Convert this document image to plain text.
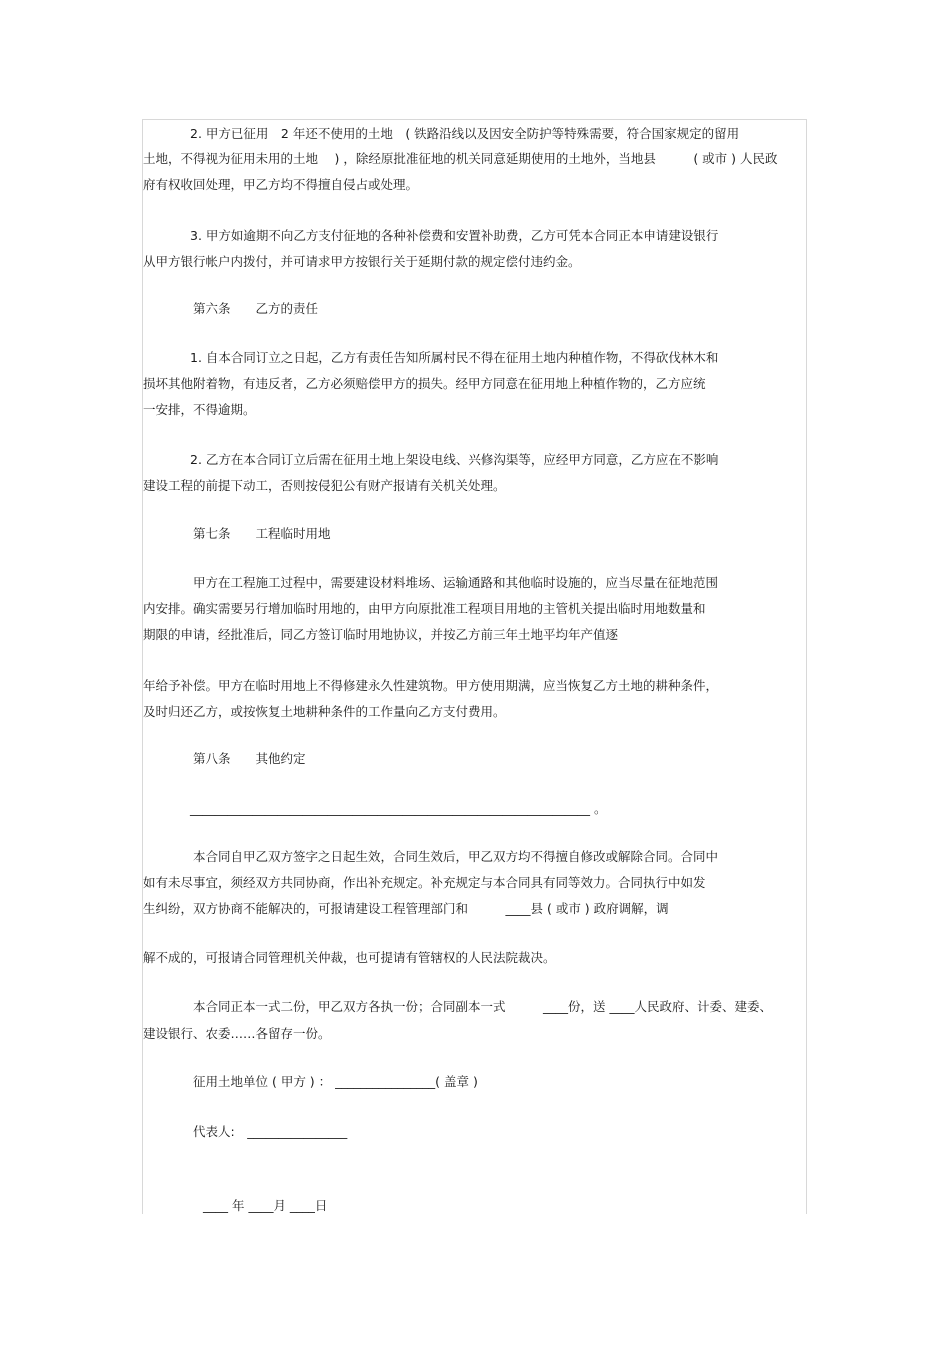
2. 甲方已征用　2 年还不使用的土地　( 铁路沿线以及因安全防护等特殊需要，符合国家规定的留用

土地，不得视为征用未用的土地　 ) ，除经原批准征地的机关同意延期使用的土地外，当地县　　　( 或市 ) 人民政

府有权收回处理，甲乙方均不得擅自侵占或处理。

3. 甲方如逾期不向乙方支付征地的各种补偿费和安置补助费，乙方可凭本合同正本申请建设银行

从甲方银行帐户内拨付，并可请求甲方按银行关于延期付款的规定偿付违约金。

第六条　　乙方的责任

1. 自本合同订立之日起，乙方有责任告知所属村民不得在征用土地内种植作物，不得砍伐林木和

损坏其他附着物，有违反者，乙方必须赔偿甲方的损失。经甲方同意在征用地上种植作物的，乙方应统

一安排，不得逾期。

2. 乙方在本合同订立后需在征用土地上架设电线、兴修沟渠等，应经甲方同意，乙方应在不影响

建设工程的前提下动工，否则按侵犯公有财产报请有关机关处理。

第七条　　工程临时用地

甲方在工程施工过程中，需要建设材料堆场、运输通路和其他临时设施的，应当尽量在征地范围

内安排。确实需要另行增加临时用地的，由甲方向原批准工程项目用地的主管机关提出临时用地数量和

期限的申请，经批准后，同乙方签订临时用地协议，并按乙方前三年土地平均年产值逐

年给予补偿。甲方在临时用地上不得修建永久性建筑物。甲方使用期满，应当恢复乙方土地的耕种条件，

及时归还乙方，或按恢复土地耕种条件的工作量向乙方支付费用。

第八条　　其他约定

________________________________________________________________ 。

本合同自甲乙双方签字之日起生效，合同生效后，甲乙双方均不得擅自修改或解除合同。合同中

如有未尽事宜，须经双方共同协商，作出补充规定。补充规定与本合同具有同等效力。合同执行中如发

生纠纷，双方协商不能解决的，可报请建设工程管理部门和　　　____县 ( 或市 ) 政府调解，调

解不成的，可报请合同管理机关仲裁，也可提请有管辖权的人民法院裁决。

本合同正本一式二份，甲乙双方各执一份；合同副本一式　　　____份，送 ____人民政府、计委、建委、

建设银行、农委……各留存一份。

征用土地单位 ( 甲方 ) ： ________________( 盖章 )

代表人:　________________

____ 年 ____月 ____日
